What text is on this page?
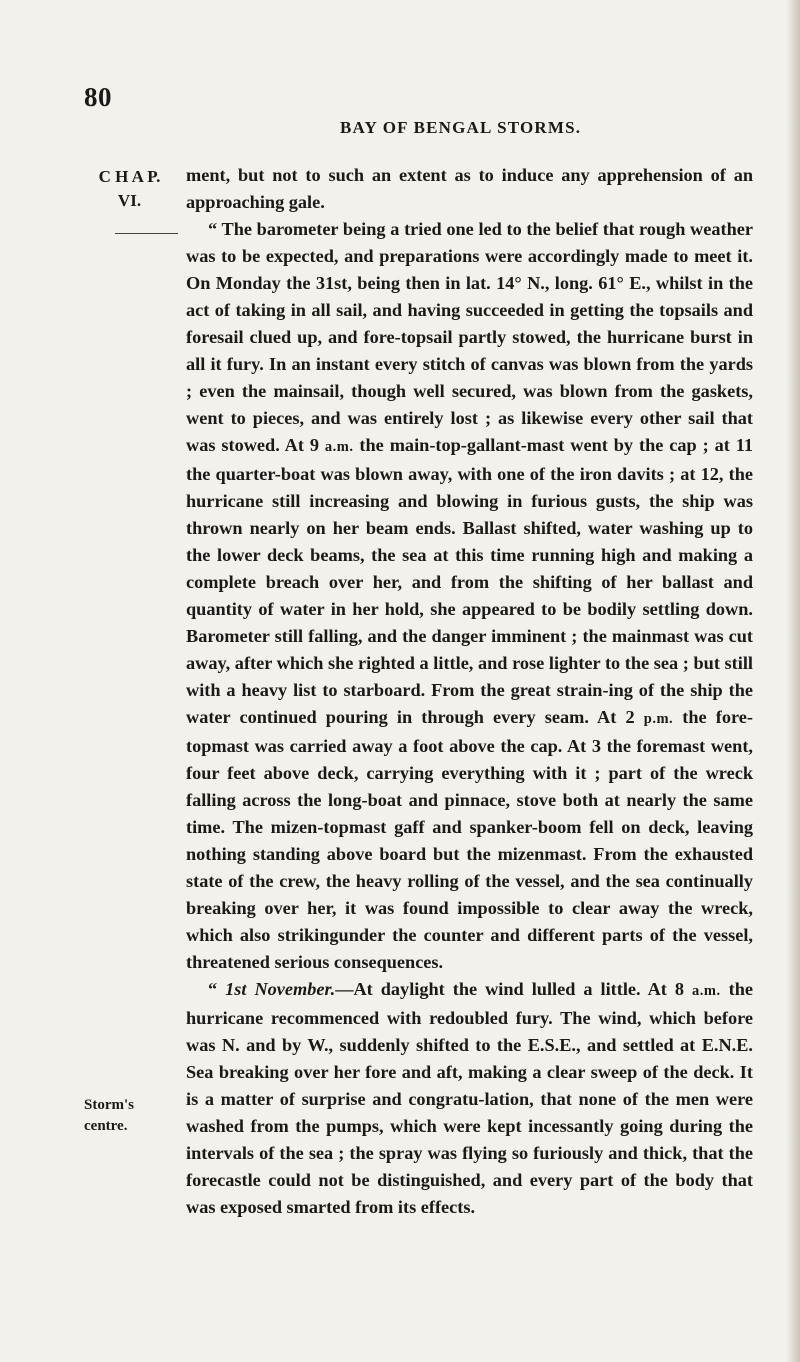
80
BAY OF BENGAL STORMS.
C H A P.
VI.
Storm's
centre.

ment, but not to such an extent as to induce any apprehension of an approaching gale.

“ The barometer being a tried one led to the belief that rough weather was to be expected, and preparations were accordingly made to meet it. On Monday the 31st, being then in lat. 14° N., long. 61° E., whilst in the act of taking in all sail, and having succeeded in getting the topsails and foresail clued up, and fore-topsail partly stowed, the hurricane burst in all it fury. In an instant every stitch of canvas was blown from the yards ; even the mainsail, though well secured, was blown from the gaskets, went to pieces, and was entirely lost ; as likewise every other sail that was stowed. At 9 a.m. the main-top-gallant-mast went by the cap ; at 11 the quarter-boat was blown away, with one of the iron davits ; at 12, the hurricane still increasing and blowing in furious gusts, the ship was thrown nearly on her beam ends. Ballast shifted, water washing up to the lower deck beams, the sea at this time running high and making a complete breach over her, and from the shifting of her ballast and quantity of water in her hold, she appeared to be bodily settling down. Barometer still falling, and the danger imminent ; the mainmast was cut away, after which she righted a little, and rose lighter to the sea ; but still with a heavy list to starboard. From the great strain-ing of the ship the water continued pouring in through every seam. At 2 p.m. the fore-topmast was carried away a foot above the cap. At 3 the foremast went, four feet above deck, carrying everything with it ; part of the wreck falling across the long-boat and pinnace, stove both at nearly the same time. The mizen-topmast gaff and spanker-boom fell on deck, leaving nothing standing above board but the mizenmast. From the exhausted state of the crew, the heavy rolling of the vessel, and the sea continually breaking over her, it was found impossible to clear away the wreck, which also strikingunder the counter and different parts of the vessel, threatened serious consequences.

“ 1st November.—At daylight the wind lulled a little. At 8 a.m. the hurricane recommenced with redoubled fury. The wind, which before was N. and by W., suddenly shifted to the E.S.E., and settled at E.N.E. Sea breaking over her fore and aft, making a clear sweep of the deck. It is a matter of surprise and congratu-lation, that none of the men were washed from the pumps, which were kept incessantly going during the intervals of the sea ; the spray was flying so furiously and thick, that the forecastle could not be distinguished, and every part of the body that was exposed smarted from its effects.
